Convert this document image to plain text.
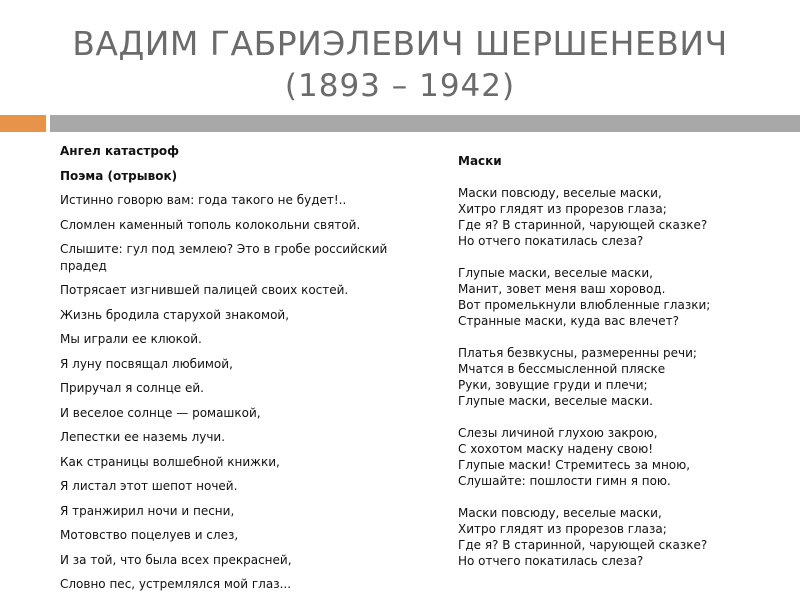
ВАДИМ ГАБРИЭЛЕВИЧ ШЕРШЕНЕВИЧ
(1893 – 1942)
Ангел катастроф
Поэма (отрывок)
Истинно говорю вам: года такого не будет!..
Сломлен каменный тополь колокольни святой.
Слышите: гул под землею? Это в гробе российский прадед
Потрясает изгнившей палицей своих костей.
Жизнь бродила старухой знакомой,
Мы играли ее клюкой.
Я луну посвящал любимой,
Приручал я солнце ей.
И веселое солнце — ромашкой,
Лепестки ее наземь лучи.
Как страницы волшебной книжки,
Я листал этот шепот ночей.
Я транжирил ночи и песни,
Мотовство поцелуев и слез,
И за той, что была всех прекрасней,
Словно пес, устремлялся мой глаз...
Маски
Маски повсюду, веселые маски,
Хитро глядят из прорезов глаза;
Где я? В старинной, чарующей сказке?
Но отчего покатилась слеза?
Глупые маски, веселые маски,
Манит, зовет меня ваш хоровод.
Вот промелькнули влюбленные глазки;
Странные маски, куда вас влечет?
Платья безвкусны, размеренны речи;
Мчатся в бессмысленной пляске
Руки, зовущие груди и плечи;
Глупые маски, веселые маски.
Слезы личиной глухою закрою,
С хохотом маску надену свою!
Глупые маски! Стремитесь за мною,
Слушайте: пошлости гимн я пою.
Маски повсюду, веселые маски,
Хитро глядят из прорезов глаза;
Где я? В старинной, чарующей сказке?
Но отчего покатилась слеза?
